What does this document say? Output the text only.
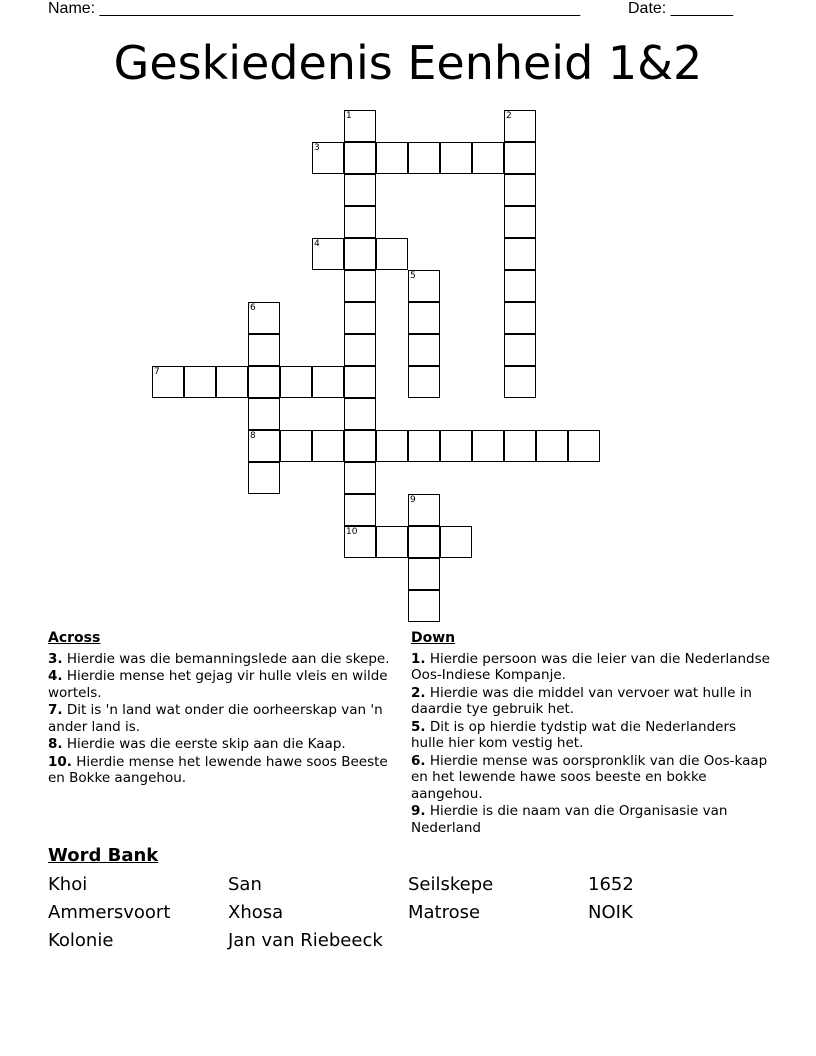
Name: ______________________________________________________	Date: _______
Geskiedenis Eenheid 1&2
1
10
2
3
4
5
6
8
7
9
Across
3. Hierdie was die bemanningslede aan die skepe.
4. Hierdie mense het gejag vir hulle vleis en wilde wortels.
7. Dit is 'n land wat onder die oorheerskap van 'n ander land is.
8. Hierdie was die eerste skip aan die Kaap.
10. Hierdie mense het lewende hawe soos Beeste en Bokke aangehou.
Down
1. Hierdie persoon was die leier van die Nederlandse Oos-Indiese Kompanje.
2. Hierdie was die middel van vervoer wat hulle in daardie tye gebruik het.
5. Dit is op hierdie tydstip wat die Nederlanders hulle hier kom vestig het.
6. Hierdie mense was oorspronklik van die Oos-kaap en het lewende hawe soos beeste en bokke aangehou.
9. Hierdie is die naam van die Organisasie van Nederland
Word Bank
Khoi	San	Seilskepe	1652
Ammersvoort	Xhosa	Matrose	NOIK
Kolonie	Jan van Riebeeck
